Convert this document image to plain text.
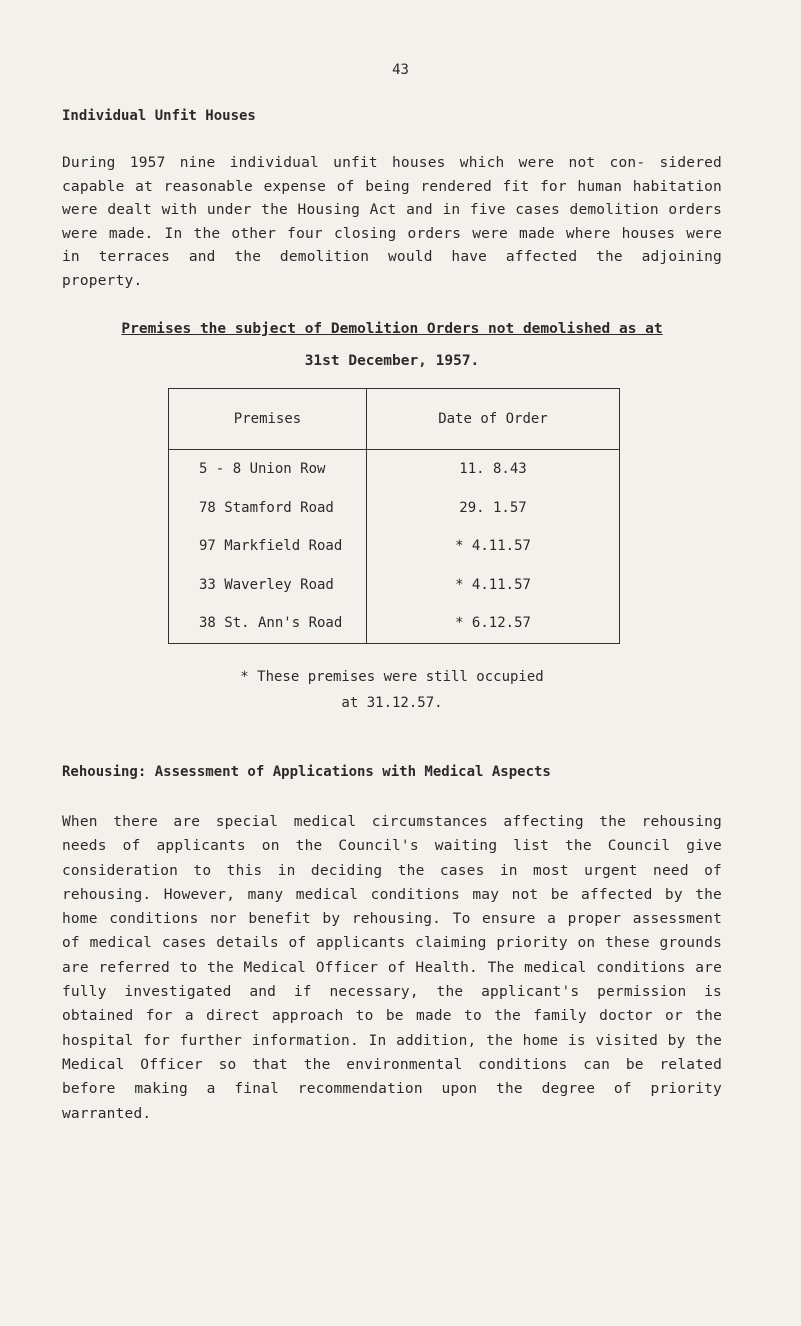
43
Individual Unfit Houses
During 1957 nine individual unfit houses which were not con- sidered capable at reasonable expense of being rendered fit for human habitation were dealt with under the Housing Act and in five cases demolition orders were made. In the other four closing orders were made where houses were in terraces and the demolition would have affected the adjoining property.
Premises the subject of Demolition Orders not demolished as at
31st December, 1957.
Premises	Date of Order
5 - 8 Union Row	11. 8.43
78 Stamford Road	29. 1.57
97 Markfield Road	* 4.11.57
33 Waverley Road	* 4.11.57
38 St. Ann's Road	* 6.12.57
* These premises were still occupied
at 31.12.57.
Rehousing: Assessment of Applications with Medical Aspects
When there are special medical circumstances affecting the rehousing needs of applicants on the Council's waiting list the Council give consideration to this in deciding the cases in most urgent need of rehousing. However, many medical conditions may not be affected by the home conditions nor benefit by rehousing. To ensure a proper assessment of medical cases details of applicants claiming priority on these grounds are referred to the Medical Officer of Health. The medical conditions are fully investigated and if necessary, the applicant's permission is obtained for a direct approach to be made to the family doctor or the hospital for further information. In addition, the home is visited by the Medical Officer so that the environmental conditions can be related before making a final recommendation upon the degree of priority warranted.
